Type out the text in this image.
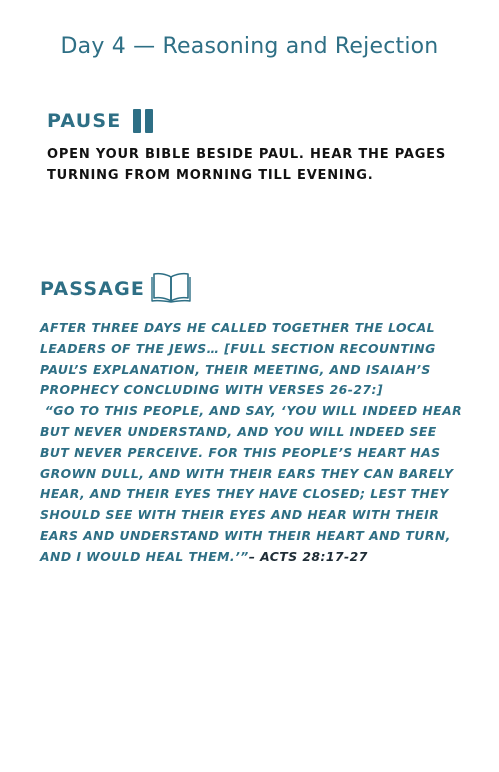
Day 4 — Reasoning and Rejection
PAUSE
OPEN YOUR BIBLE BESIDE PAUL. HEAR THE PAGES TURNING FROM MORNING TILL EVENING.
PASSAGE
AFTER THREE DAYS HE CALLED TOGETHER THE LOCAL LEADERS OF THE JEWS… [FULL SECTION RECOUNTING PAUL’S EXPLANATION, THEIR MEETING, AND ISAIAH’S PROPHECY CONCLUDING WITH VERSES 26-27:]
“GO TO THIS PEOPLE, AND SAY, ‘YOU WILL INDEED HEAR BUT NEVER UNDERSTAND, AND YOU WILL INDEED SEE BUT NEVER PERCEIVE. FOR THIS PEOPLE’S HEART HAS GROWN DULL, AND WITH THEIR EARS THEY CAN BARELY HEAR, AND THEIR EYES THEY HAVE CLOSED; LEST THEY SHOULD SEE WITH THEIR EYES AND HEAR WITH THEIR EARS AND UNDERSTAND WITH THEIR HEART AND TURN, AND I WOULD HEAL THEM.’”– ACTS 28:17-27
